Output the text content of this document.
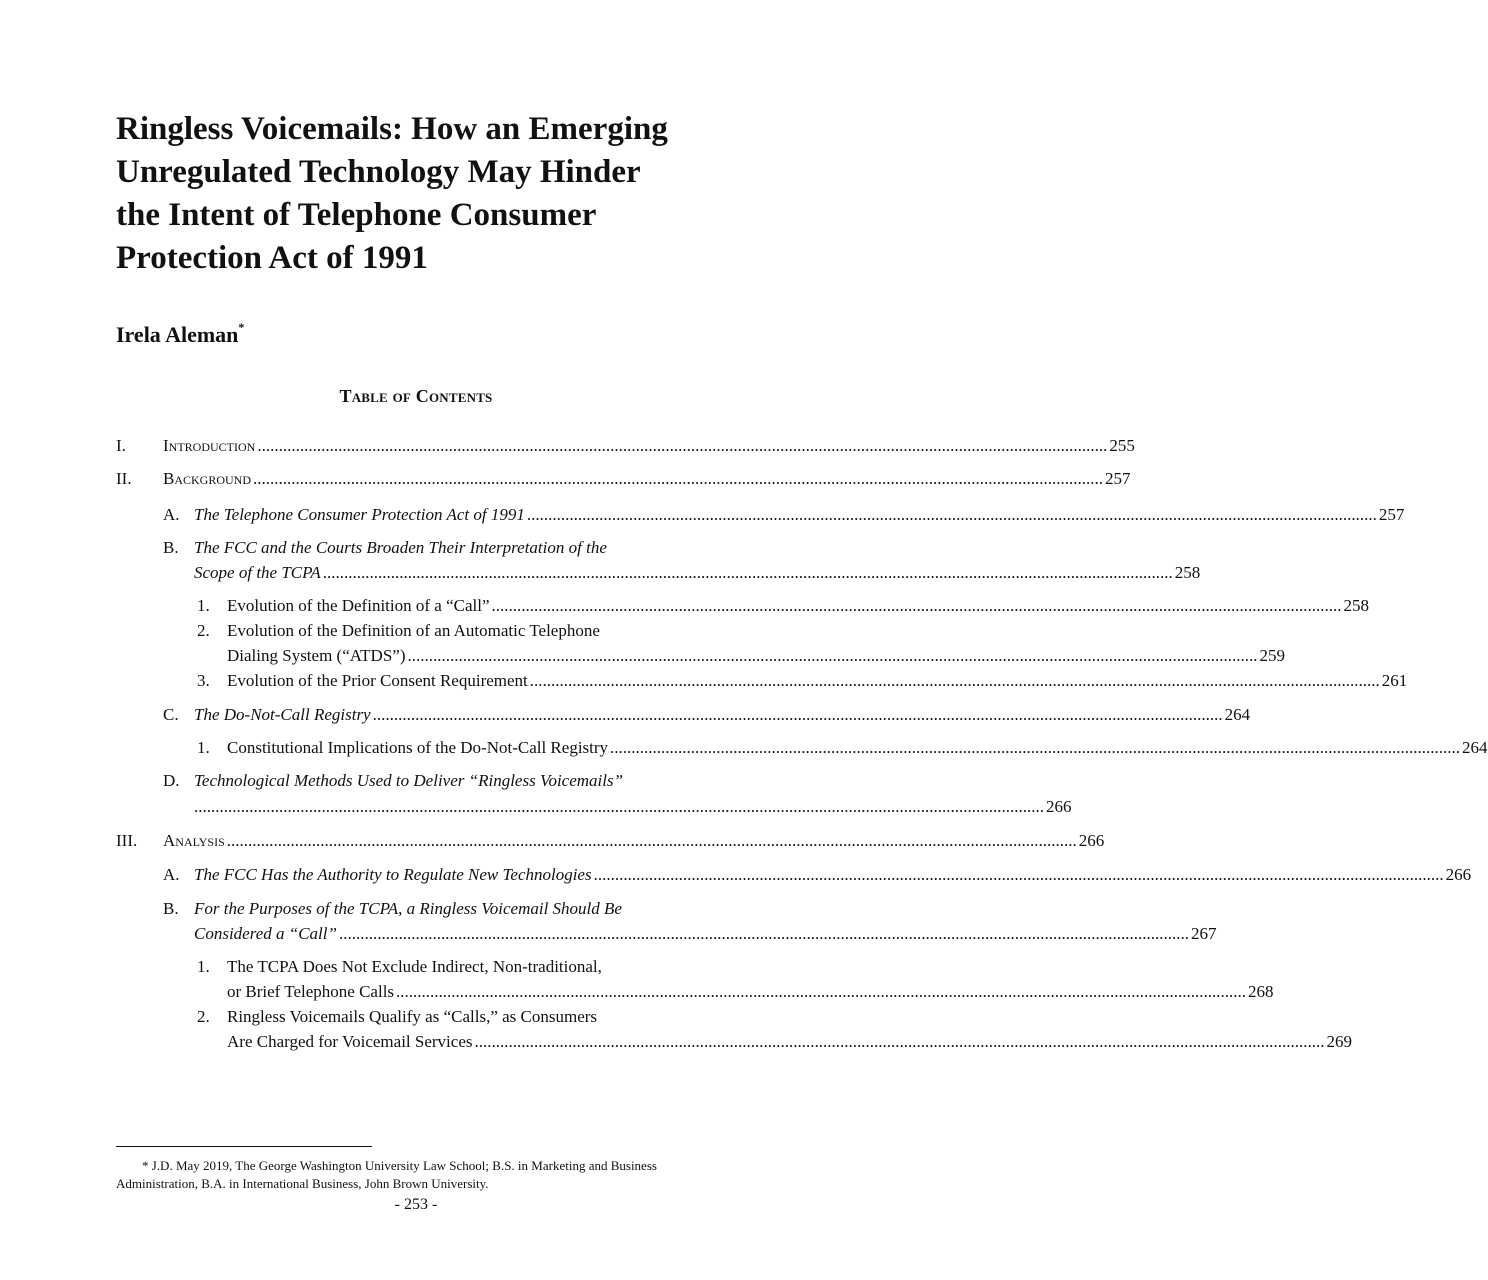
Ringless Voicemails: How an Emerging
Unregulated Technology May Hinder
the Intent of Telephone Consumer
Protection Act of 1991

Irela Aleman*

Table of Contents
I. Introduction ........................................................................................................................................................................................................ 255
II. Background ........................................................................................................................................................................................................ 257
A. The Telephone Consumer Protection Act of 1991 ........................................................................................................................................................................................................ 257
The FCC and the Courts Broaden Their Interpretation of the
B.
Scope of the TCPA ........................................................................................................................................................................................................ 258
1. Evolution of the Definition of a “Call” ........................................................................................................................................................................................................ 258
2. Evolution of the Definition of an Automatic Telephone
Dialing System (“ATDS”) ........................................................................................................................................................................................................ 259
3. Evolution of the Prior Consent Requirement ........................................................................................................................................................................................................ 261
C. The Do-Not-Call Registry ........................................................................................................................................................................................................ 264
1. Constitutional Implications of the Do-Not-Call Registry ........................................................................................................................................................................................................ 264
D. Technological Methods Used to Deliver “Ringless Voicemails”
........................................................................................................................................................................................................ 266
III. Analysis ........................................................................................................................................................................................................ 266
A. The FCC Has the Authority to Regulate New Technologies ........................................................................................................................................................................................................ 266
B. For the Purposes of the TCPA, a Ringless Voicemail Should Be
Considered a “Call” ........................................................................................................................................................................................................ 267
1. The TCPA Does Not Exclude Indirect, Non-traditional,
or Brief Telephone Calls ........................................................................................................................................................................................................ 268
2. Ringless Voicemails Qualify as “Calls,” as Consumers
Are Charged for Voicemail Services ........................................................................................................................................................................................................ 269

* J.D. May 2019, The George Washington University Law School; B.S. in Marketing and Business Administration, B.A. in International Business, John Brown University.

- 253 -
